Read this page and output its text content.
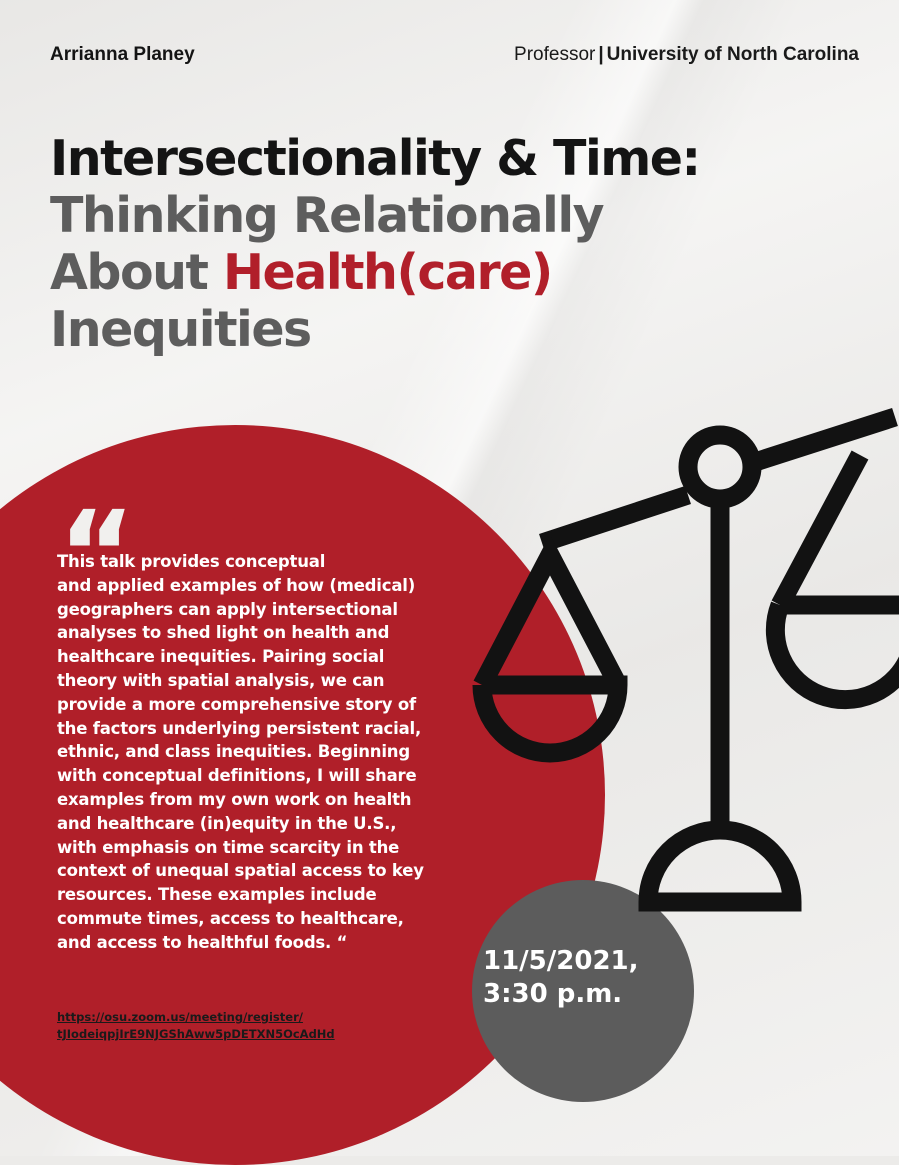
Arrianna Planey	Professor | University of North Carolina
Intersectionality & Time:
Thinking Relationally
About Health(care)
Inequities
“
This talk provides conceptual
and applied examples of how (medical)
geographers can apply intersectional
analyses to shed light on health and
healthcare inequities. Pairing social
theory with spatial analysis, we can
provide a more comprehensive story of
the factors underlying persistent racial,
ethnic, and class inequities. Beginning
with conceptual definitions, I will share
examples from my own work on health
and healthcare (in)equity in the U.S.,
with emphasis on time scarcity in the
context of unequal spatial access to key
resources. These examples include
commute times, access to healthcare,
and access to healthful foods. “
https://osu.zoom.us/meeting/register/
tJIodeiqpjIrE9NJGShAww5pDETXN5OcAdHd
11/5/2021,
3:30 p.m.
